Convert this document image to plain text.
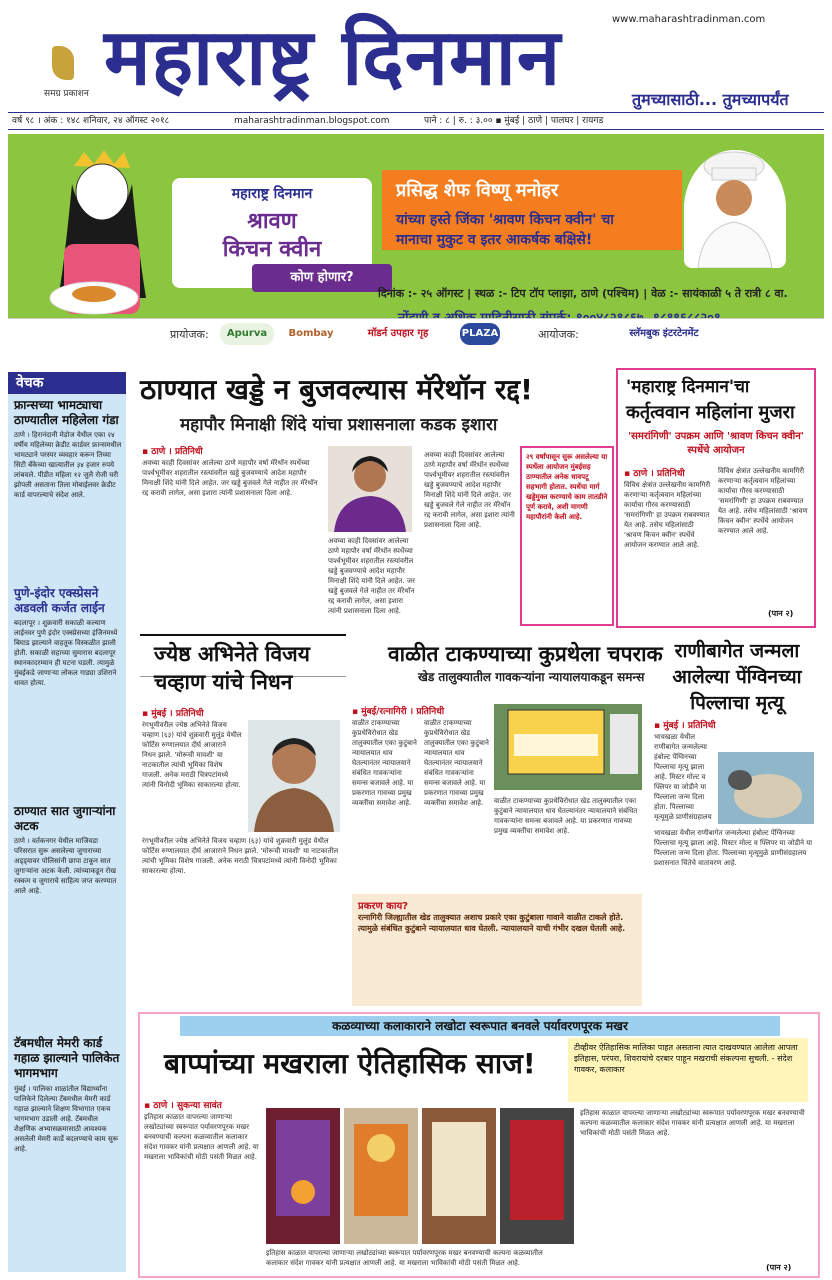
समग्र प्रकाशन महाराष्ट्र दिनमान	www.maharashtradinman.com
तुमच्यासाठी... तुमच्यापर्यंत
वर्ष ९८ । अंक : १४८ शनिवार, २४ ऑगस्ट २०१८	maharashtradinman.blogspot.com	पाने : ८ | रु. : ३.०० ▪ मुंबई | ठाणे | पालघर | रायगड
महाराष्ट्र दिनमान
श्रावण
किचन क्वीन
कोण होणार?
प्रसिद्ध शेफ विष्णू मनोहर
यांच्या हस्ते जिंका 'श्रावण किचन क्वीन' चा
मानाचा मुकुट व इतर आकर्षक बक्षिसे!
दिनांक :- २५ ऑगस्ट | स्थळ :- टिप टॉप प्लाझा, ठाणे (पश्चिम) | वेळ :- सायंकाळी ५ ते रात्री ८ वा.
प्रायोजक:	Apurva	Bombay	मॉडर्न उपहार गृह	PLAZA	आयोजक:	स्लॅमबुक इंटरटेनमेंट
वेचक
फ्रान्सच्या भामट्याचा ठाण्यातील महिलेला गंडा
ठाणे । हिरानंदानी मेडोज येथील एका २४ वर्षीय महिलेच्या क्रेडीट कार्डवर फ्रान्समधील भामट्याने परस्पर व्यवहार करून तिच्या सिटी बँकेच्या खात्यातील ३४ हजार रुपये लांबवले. पीडीत महिला १२ जुलै रोजी घरी झोपली असताना तिला मोबाईलवर क्रेडीट कार्ड वापरल्याचे संदेश आले.
पुणे-इंदोर एक्स्प्रेसने अडवली कर्जत लाईन
बदलापूर । शुक्रवारी सकाळी कल्याण लाईनवर पुणे इंदोर एक्स्प्रेसच्या इंजिनमध्ये बिघाड झाल्याने वाहतूक विस्कळीत झाली होती. सकाळी सहाच्या सुमारास बदलापूर स्थानकादरम्यान ही घटना घडली. त्यामुळे मुंबईकडे जाणाऱ्या लोकल गाड्या उशिराने धावत होत्या.
ठाण्यात सात जुगाऱ्यांना अटक
ठाणे । वर्तकनगर येथील माजिवडा परिसरात सुरू असलेल्या जुगाराच्या अड्ड्यावर पोलिसांनी छापा टाकून सात जुगाऱ्यांना अटक केली. त्यांच्याकडून रोख रक्कम व जुगाराचे साहित्य जप्त करण्यात आले आहे.
टॅबमधील मेमरी कार्ड गहाळ झाल्याने पालिकेत भागमभाग
मुंबई । पालिका शाळांतील विद्यार्थ्यांना पालिकेने दिलेल्या टॅबमधील मेमरी कार्ड गहाळ झाल्याने शिक्षण विभागात एकच भागमभाग उडाली आहे. टॅबमधील शैक्षणिक अभ्यासक्रमासाठी आवश्यक असलेली मेमरी कार्डे बदलण्याचे काम सुरू आहे.
ठाण्यात खड्डे न बुजवल्यास मॅरेथॉन रद्द!
महापौर मिनाक्षी शिंदे यांचा प्रशासनाला कडक इशारा
▪ ठाणे । प्रतिनिधी
अवघ्या काही दिवसांवर आलेल्या ठाणे महापौर वर्षा मॅरेथॉन स्पर्धेच्या पार्श्वभूमीवर शहरातील रस्त्यांवरील खड्डे बुजवण्याचे आदेश महापौर मिनाक्षी शिंदे यांनी दिले आहेत. जर खड्डे बुजवले गेले नाहीत तर मॅरेथॉन रद्द करावी लागेल, असा इशारा त्यांनी प्रशासनाला दिला आहे.
अवघ्या काही दिवसांवर आलेल्या ठाणे महापौर वर्षा मॅरेथॉन स्पर्धेच्या पार्श्वभूमीवर शहरातील रस्त्यांवरील खड्डे बुजवण्याचे आदेश महापौर मिनाक्षी शिंदे यांनी दिले आहेत. जर खड्डे बुजवले गेले नाहीत तर मॅरेथॉन रद्द करावी लागेल, असा इशारा त्यांनी प्रशासनाला दिला आहे.
अवघ्या काही दिवसांवर आलेल्या ठाणे महापौर वर्षा मॅरेथॉन स्पर्धेच्या पार्श्वभूमीवर शहरातील रस्त्यांवरील खड्डे बुजवण्याचे आदेश महापौर मिनाक्षी शिंदे यांनी दिले आहेत. जर खड्डे बुजवले गेले नाहीत तर मॅरेथॉन रद्द करावी लागेल, असा इशारा त्यांनी प्रशासनाला दिला आहे.
२९ वर्षांपासून सुरू असलेल्या या स्पर्धेला आयोजन मुंबईसह ठाण्यातील अनेक धावपटू सहभागी होतात. स्पर्धेचा मार्ग खड्डेमुक्त करण्याचे काम तातडीने पूर्ण करावे, अशी मागणी महापौरांनी केली आहे.
'महाराष्ट्र दिनमान'चा
कर्तृत्ववान महिलांना मुजरा
'समरांगिणी' उपक्रम आणि 'श्रावण किचन क्वीन' स्पर्धेचे आयोजन
▪ ठाणे । प्रतिनिधी
विविध क्षेत्रांत उल्लेखनीय कामगिरी करणाऱ्या कर्तृत्ववान महिलांच्या कार्याचा गौरव करण्यासाठी 'समरांगिणी' हा उपक्रम राबवण्यात येत आहे. तसेच महिलांसाठी 'श्रावण किचन क्वीन' स्पर्धेचे आयोजन करण्यात आले आहे.
विविध क्षेत्रांत उल्लेखनीय कामगिरी करणाऱ्या कर्तृत्ववान महिलांच्या कार्याचा गौरव करण्यासाठी 'समरांगिणी' हा उपक्रम राबवण्यात येत आहे. तसेच महिलांसाठी 'श्रावण किचन क्वीन' स्पर्धेचे आयोजन करण्यात आले आहे.
(पान २)
ज्येष्ठ अभिनेते विजय
चव्हाण यांचे निधन
▪ मुंबई । प्रतिनिधी
रंगभूमीवरील ज्येष्ठ अभिनेते विजय चव्हाण (६३) यांचे शुक्रवारी मुलुंड येथील फोर्टिस रुग्णालयात दीर्घ आजाराने निधन झाले. 'मोरूची मावशी' या नाटकातील त्यांची भूमिका विशेष गाजली. अनेक मराठी चित्रपटांमध्ये त्यांनी विनोदी भूमिका साकारल्या होत्या.
रंगभूमीवरील ज्येष्ठ अभिनेते विजय चव्हाण (६३) यांचे शुक्रवारी मुलुंड येथील फोर्टिस रुग्णालयात दीर्घ आजाराने निधन झाले. 'मोरूची मावशी' या नाटकातील त्यांची भूमिका विशेष गाजली. अनेक मराठी चित्रपटांमध्ये त्यांनी विनोदी भूमिका साकारल्या होत्या.
वाळीत टाकण्याच्या कुप्रथेला चपराक
खेड तालुक्यातील गावकऱ्यांना न्यायालयाकडून समन्स
▪ मुंबई/रत्नागिरी । प्रतिनिधी
वाळीत टाकण्याच्या कुप्रथेविरोधात खेड तालुक्यातील एका कुटुंबाने न्यायालयात धाव घेतल्यानंतर न्यायालयाने संबंधित गावकऱ्यांना समन्स बजावले आहे. या प्रकरणात गावच्या प्रमुख व्यक्तींचा समावेश आहे.
वाळीत टाकण्याच्या कुप्रथेविरोधात खेड तालुक्यातील एका कुटुंबाने न्यायालयात धाव घेतल्यानंतर न्यायालयाने संबंधित गावकऱ्यांना समन्स बजावले आहे. या प्रकरणात गावच्या प्रमुख व्यक्तींचा समावेश आहे.	वाळीत टाकण्याच्या कुप्रथेविरोधात खेड तालुक्यातील एका कुटुंबाने न्यायालयात धाव घेतल्यानंतर न्यायालयाने संबंधित गावकऱ्यांना समन्स बजावले आहे. या प्रकरणात गावच्या प्रमुख व्यक्तींचा समावेश आहे.
प्रकरण काय?
रत्नागिरी जिल्ह्यातील खेड तालुक्यात अशाच प्रकारे एका कुटुंबाला गावाने वाळीत टाकले होते. त्यामुळे संबंधित कुटुंबाने न्यायालयात धाव घेतली. न्यायालयाने याची गंभीर दखल घेतली आहे.
राणीबागेत जन्मला
आलेल्या पेंग्विनच्या
पिल्लाचा मृत्यू
▪ मुंबई । प्रतिनिधी
भायखळा येथील राणीबागेत जन्मलेल्या हंबोल्ट पेंग्विनच्या पिल्लाचा मृत्यू झाला आहे. मिस्टर मोल्ट व फ्लिपर या जोडीने या पिल्लाला जन्म दिला होता. पिल्लाच्या मृत्यूमुळे प्राणीसंग्रहालय
भायखळा येथील राणीबागेत जन्मलेल्या हंबोल्ट पेंग्विनच्या पिल्लाचा मृत्यू झाला आहे. मिस्टर मोल्ट व फ्लिपर या जोडीने या पिल्लाला जन्म दिला होता. पिल्लाच्या मृत्यूमुळे प्राणीसंग्रहालय प्रशासनात चिंतेचे वातावरण आहे.
कळव्याच्या कलाकाराने लखोटा स्वरूपात बनवले पर्यावरणपूरक मखर
बाप्पांच्या मखराला ऐतिहासिक साज!	टीव्हीवर ऐतिहासिक मालिका पाहत असताना त्यात दाखवण्यात आलेला आपला इतिहास, परंपरा, शिवरायांचे दरबार पाहून मखराची संकल्पना सुचली. - संदेश गावकर, कलाकार
▪ ठाणे । सुकन्या सावंत
इतिहास काळात वापरल्या जाणाऱ्या लखोट्यांच्या स्वरूपात पर्यावरणपूरक मखर बनवण्याची कल्पना कळव्यातील कलाकार संदेश गावकर यांनी प्रत्यक्षात आणली आहे. या मखराला भाविकांची मोठी पसंती मिळत आहे.
इतिहास काळात वापरल्या जाणाऱ्या लखोट्यांच्या स्वरूपात पर्यावरणपूरक मखर बनवण्याची कल्पना कळव्यातील कलाकार संदेश गावकर यांनी प्रत्यक्षात आणली आहे. या मखराला भाविकांची मोठी पसंती मिळत आहे.
इतिहास काळात वापरल्या जाणाऱ्या लखोट्यांच्या स्वरूपात पर्यावरणपूरक मखर बनवण्याची कल्पना कळव्यातील कलाकार संदेश गावकर यांनी प्रत्यक्षात आणली आहे. या मखराला भाविकांची मोठी पसंती मिळत आहे.
(पान २)
